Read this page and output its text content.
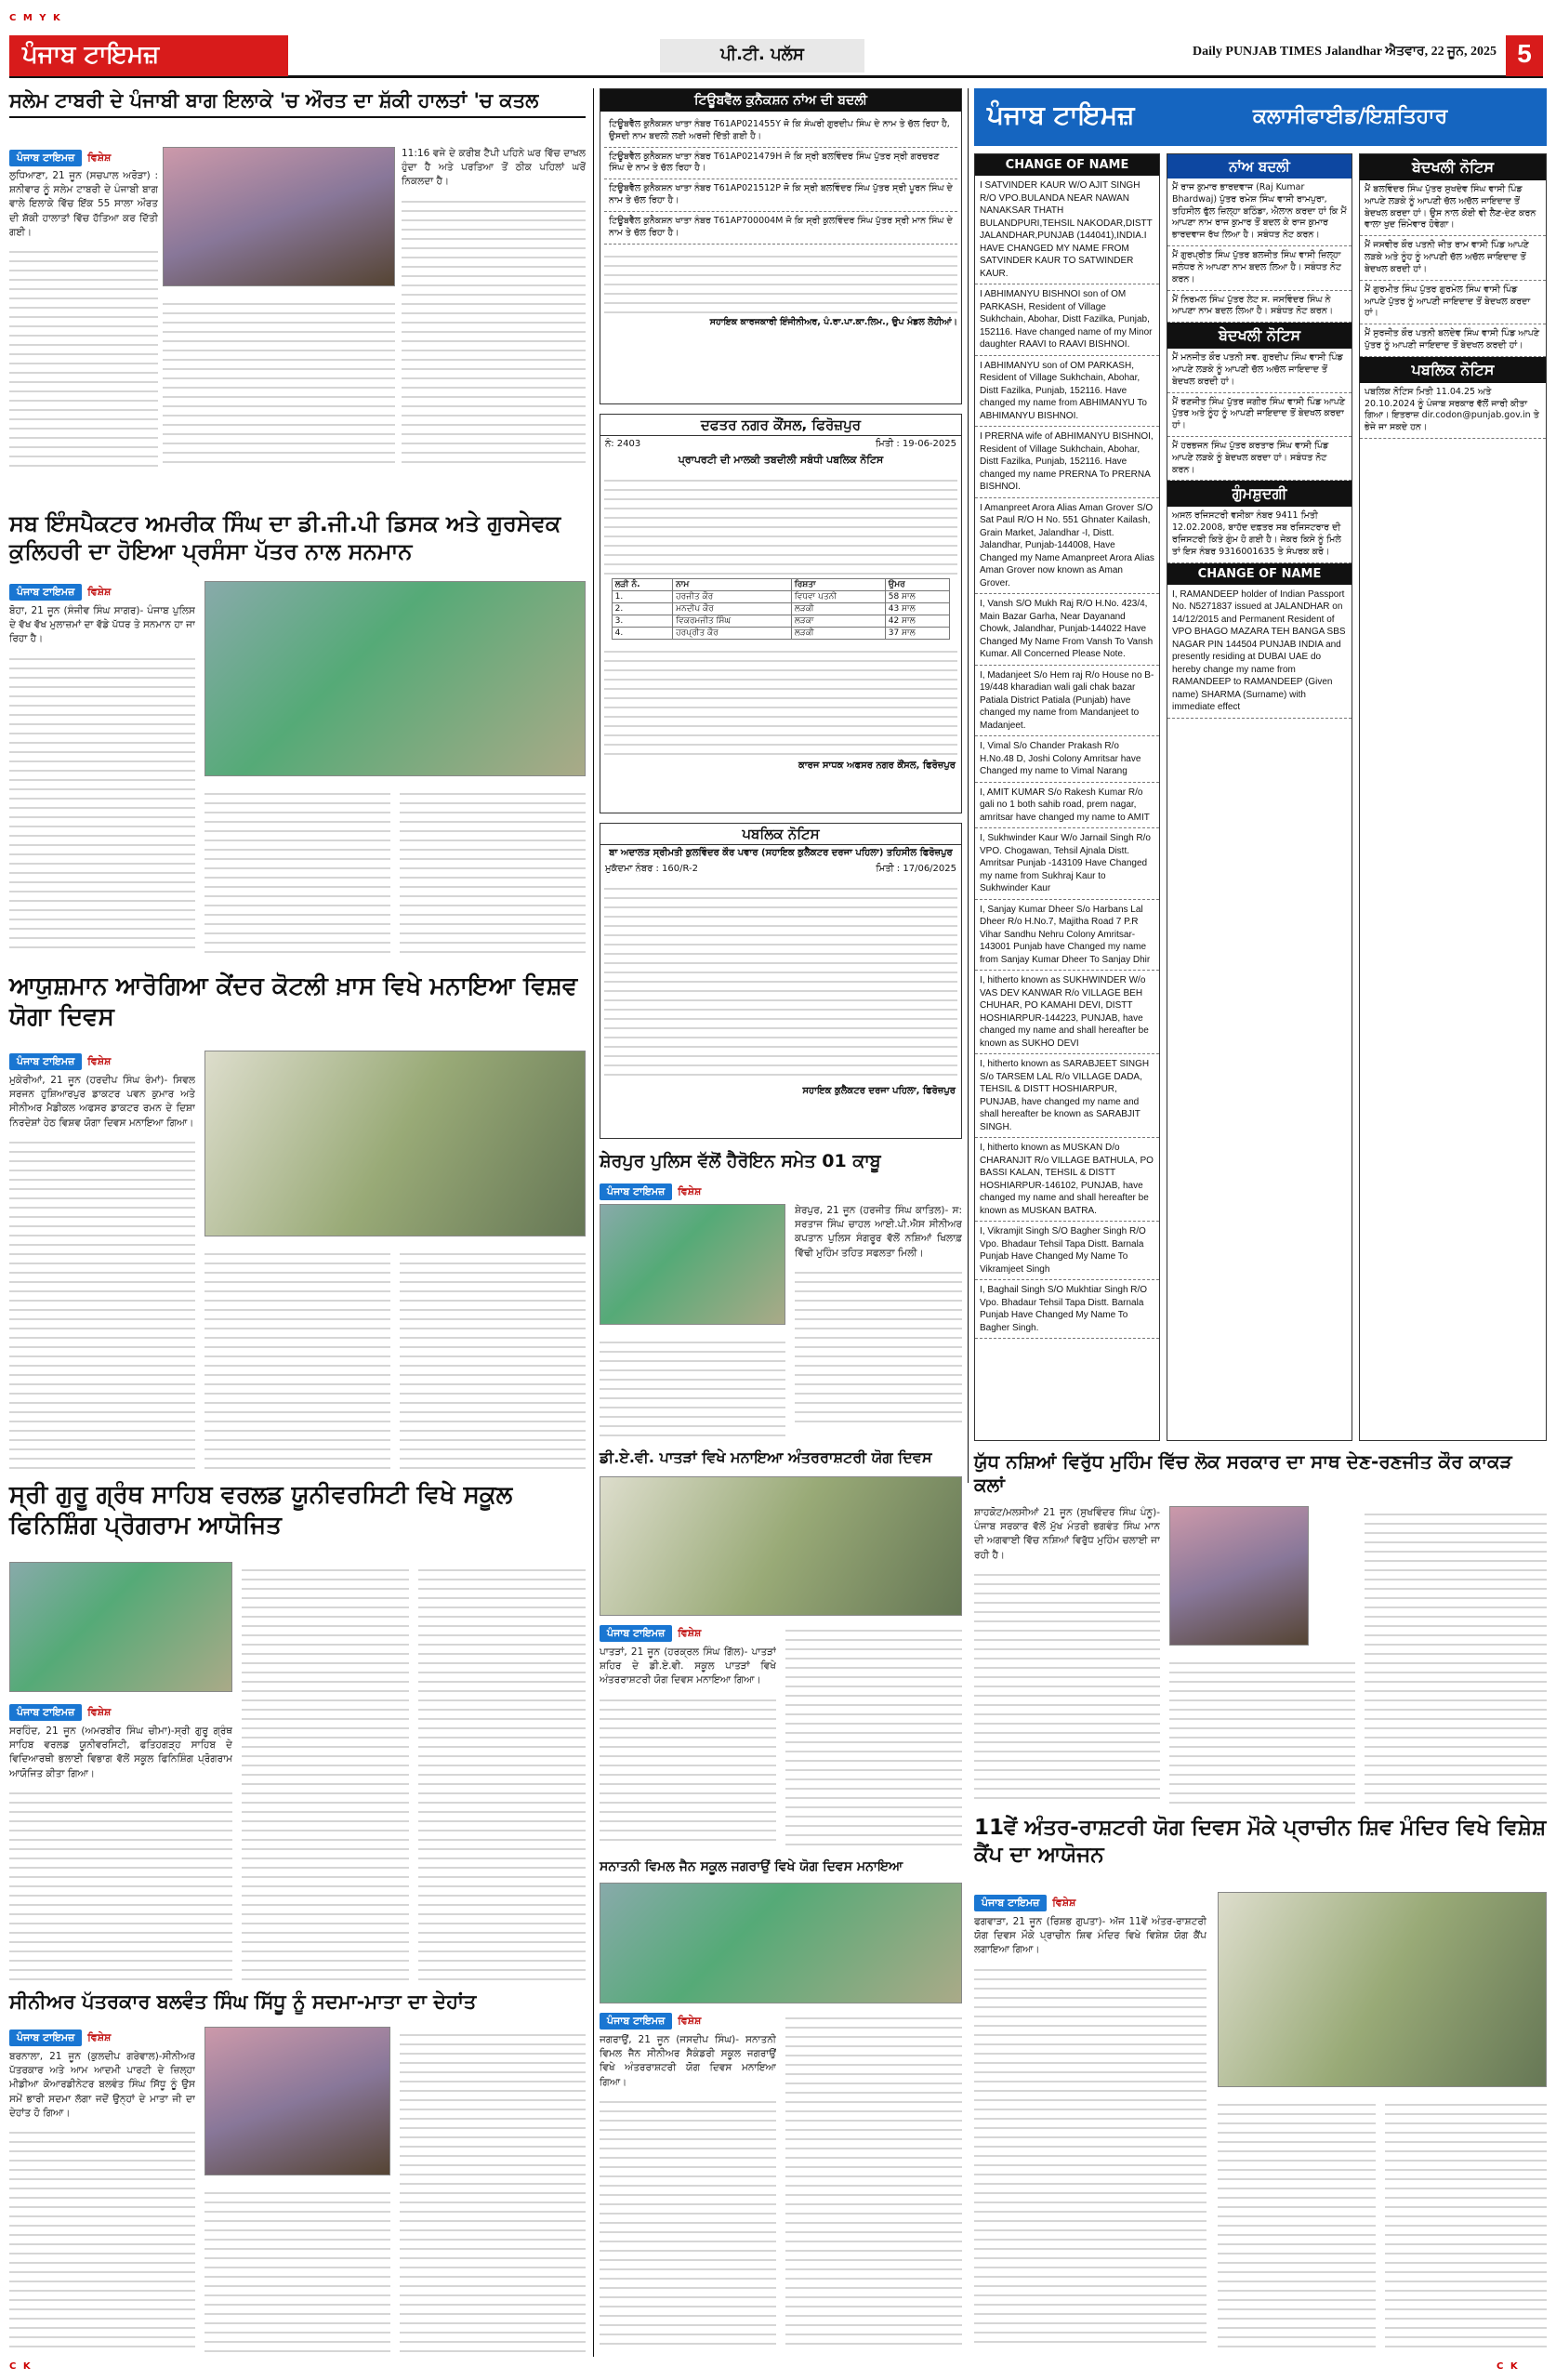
C M Y K
ਪੰਜਾਬ ਟਾਇਮਜ਼	ਪੀ.ਟੀ. ਪਲੱਸ	Daily PUNJAB TIMES Jalandhar ਐਤਵਾਰ, 22 ਜੂਨ, 2025 5
ਸਲੇਮ ਟਾਬਰੀ ਦੇ ਪੰਜਾਬੀ ਬਾਗ ਇਲਾਕੇ 'ਚ ਔਰਤ ਦਾ ਸ਼ੱਕੀ ਹਾਲਤਾਂ 'ਚ ਕਤਲ
ਪੰਜਾਬ ਟਾਇਮਜ਼ ਵਿਸ਼ੇਸ਼

ਲੁਧਿਆਣਾ, 21 ਜੂਨ (ਸਚਪਾਲ ਅਰੋੜਾ) : ਸ਼ਨੀਵਾਰ ਨੂੰ ਸਲੇਮ ਟਾਬਰੀ ਦੇ ਪੰਜਾਬੀ ਬਾਗ ਵਾਲੇ ਇਲਾਕੇ ਵਿੱਚ ਇੱਕ 55 ਸਾਲਾ ਔਰਤ ਦੀ ਸ਼ੱਕੀ ਹਾਲਾਤਾਂ ਵਿੱਚ ਹੱਤਿਆ ਕਰ ਦਿੱਤੀ ਗਈ।

11:16 ਵਜੇ ਦੇ ਕਰੀਬ ਟੈਪੀ ਪਹਿਨੇ ਘਰ ਵਿੱਚ ਦਾਖਲ ਹੁੰਦਾ ਹੈ ਅਤੇ ਪਰਤਿਆ ਤੋਂ ਠੀਕ ਪਹਿਲਾਂ ਘਰੋਂ ਨਿਕਲਦਾ ਹੈ।

ਸਬ ਇੰਸਪੈਕਟਰ ਅਮਰੀਕ ਸਿੰਘ ਦਾ ਡੀ.ਜੀ.ਪੀ ਡਿਸਕ ਅਤੇ ਗੁਰਸੇਵਕ ਕੁਲਿਹਰੀ ਦਾ ਹੋਇਆ ਪ੍ਰਸੰਸਾ ਪੱਤਰ ਨਾਲ ਸਨਮਾਨ
ਪੰਜਾਬ ਟਾਇਮਜ਼ ਵਿਸ਼ੇਸ਼

ਬੋਹਾ, 21 ਜੂਨ (ਸੰਜੀਵ ਸਿੰਘ ਸਾਗਰ)- ਪੰਜਾਬ ਪੁਲਿਸ ਦੇ ਵੱਖ ਵੱਖ ਮੁਲਾਜ਼ਮਾਂ ਦਾ ਵੱਡੇ ਪੱਧਰ ਤੇ ਸਨਮਾਨ ਹਾ ਜਾ ਰਿਹਾ ਹੈ।

ਆਯੁਸ਼ਮਾਨ ਆਰੋਗਿਆ ਕੇਂਦਰ ਕੋਟਲੀ ਖ਼ਾਸ ਵਿਖੇ ਮਨਾਇਆ ਵਿਸ਼ਵ ਯੋਗਾ ਦਿਵਸ
ਪੰਜਾਬ ਟਾਇਮਜ਼ ਵਿਸ਼ੇਸ਼

ਮੁਕੇਰੀਆਂ, 21 ਜੂਨ (ਹਰਦੀਪ ਸਿੰਘ ਰੰਮਾਂ)- ਸਿਵਲ ਸਰਜਨ ਹੁਸ਼ਿਆਰਪੁਰ ਡਾਕਟਰ ਪਵਨ ਕੁਮਾਰ ਅਤੇ ਸੀਨੀਅਰ ਮੈਡੀਕਲ ਅਫਸਰ ਡਾਕਟਰ ਰਮਨ ਦੇ ਦਿਸ਼ਾ ਨਿਰਦੇਸ਼ਾਂ ਹੇਠ ਵਿਸ਼ਵ ਯੋਗਾ ਦਿਵਸ ਮਨਾਇਆ ਗਿਆ।

ਸ੍ਰੀ ਗੁਰੂ ਗ੍ਰੰਥ ਸਾਹਿਬ ਵਰਲਡ ਯੂਨੀਵਰਸਿਟੀ ਵਿਖੇ ਸਕੂਲ ਫਿਨਿਸ਼ਿੰਗ ਪ੍ਰੋਗਰਾਮ ਆਯੋਜਿਤ
ਪੰਜਾਬ ਟਾਇਮਜ਼ ਵਿਸ਼ੇਸ਼

ਸਰਹਿੰਦ, 21 ਜੂਨ (ਅਮਰਬੀਰ ਸਿੰਘ ਚੀਮਾ)-ਸ੍ਰੀ ਗੁਰੂ ਗ੍ਰੰਥ ਸਾਹਿਬ ਵਰਲਡ ਯੂਨੀਵਰਸਿਟੀ, ਫਤਿਹਗੜ੍ਹ ਸਾਹਿਬ ਦੇ ਵਿਦਿਆਰਥੀ ਭਲਾਈ ਵਿਭਾਗ ਵੱਲੋਂ ਸਕੂਲ ਫਿਨਿਸ਼ਿੰਗ ਪ੍ਰੋਗਰਾਮ ਆਯੋਜਿਤ ਕੀਤਾ ਗਿਆ।

ਸੀਨੀਅਰ ਪੱਤਰਕਾਰ ਬਲਵੰਤ ਸਿੰਘ ਸਿੱਧੂ ਨੂੰ ਸਦਮਾ-ਮਾਤਾ ਦਾ ਦੇਹਾਂਤ
ਪੰਜਾਬ ਟਾਇਮਜ਼ ਵਿਸ਼ੇਸ਼

ਬਰਨਾਲਾ, 21 ਜੂਨ (ਕੁਲਦੀਪ ਗਰੇਵਾਲ)-ਸੀਨੀਅਰ ਪੱਤਰਕਾਰ ਅਤੇ ਆਮ ਆਦਮੀ ਪਾਰਟੀ ਦੇ ਜ਼ਿਲ੍ਹਾ ਮੀਡੀਆ ਕੋਆਰਡੀਨੇਟਰ ਬਲਵੰਤ ਸਿੰਘ ਸਿੱਧੂ ਨੂੰ ਉਸ ਸਮੇਂ ਭਾਰੀ ਸਦਮਾ ਲੱਗਾ ਜਦੋਂ ਉਨ੍ਹਾਂ ਦੇ ਮਾਤਾ ਜੀ ਦਾ ਦੇਹਾਂਤ ਹੋ ਗਿਆ।

ਟਿਊਬਵੈੱਲ ਕੁਨੈਕਸ਼ਨ ਨਾਂਅ ਦੀ ਬਦਲੀ

ਟਿਊਬਵੈੱਲ ਕੁਨੈਕਸ਼ਨ ਖਾਤਾ ਨੰਬਰ T61AP021455Y ਜੋ ਕਿ ਸੰਘਰੀ ਗੁਰਦੀਪ ਸਿੰਘ ਦੇ ਨਾਮ ਤੇ ਚੱਲ ਰਿਹਾ ਹੈ, ਉਸਦੀ ਨਾਮ ਬਦਲੀ ਲਈ ਅਰਜ਼ੀ ਦਿੱਤੀ ਗਈ ਹੈ।

ਟਿਊਬਵੈੱਲ ਕੁਨੈਕਸ਼ਨ ਖਾਤਾ ਨੰਬਰ T61AP021479H ਜੋ ਕਿ ਸ੍ਰੀ ਬਲਵਿੰਦਰ ਸਿੰਘ ਪੁੱਤਰ ਸ੍ਰੀ ਗਰਚਰਣ ਸਿੰਘ ਦੇ ਨਾਮ ਤੇ ਚੱਲ ਰਿਹਾ ਹੈ।

ਟਿਊਬਵੈੱਲ ਕੁਨੈਕਸ਼ਨ ਖਾਤਾ ਨੰਬਰ T61AP021512P ਜੋ ਕਿ ਸ੍ਰੀ ਬਲਵਿੰਦਰ ਸਿੰਘ ਪੁੱਤਰ ਸ੍ਰੀ ਪੂਰਨ ਸਿੰਘ ਦੇ ਨਾਮ ਤੇ ਚੱਲ ਰਿਹਾ ਹੈ।

ਟਿਊਬਵੈੱਲ ਕੁਨੈਕਸ਼ਨ ਖਾਤਾ ਨੰਬਰ T61AP700004M ਜੋ ਕਿ ਸ੍ਰੀ ਕੁਲਵਿੰਦਰ ਸਿੰਘ ਪੁੱਤਰ ਸ੍ਰੀ ਮਾਨ ਸਿੰਘ ਦੇ ਨਾਮ ਤੇ ਚੱਲ ਰਿਹਾ ਹੈ।

ਸਹਾਇਕ ਕਾਰਜਕਾਰੀ ਇੰਜੀਨੀਅਰ, ਪੰ.ਰਾ.ਪਾ.ਕਾ.ਲਿਮ., ਉਪ ਮੰਡਲ ਲੋਹੀਆਂ।

ਦਫਤਰ ਨਗਰ ਕੌਂਸਲ, ਫਿਰੋਜ਼ਪੁਰ
ਨੰ: 2403	ਮਿਤੀ : 19-06-2025
ਪ੍ਰਾਪਰਟੀ ਦੀ ਮਾਲਕੀ ਤਬਦੀਲੀ ਸਬੰਧੀ ਪਬਲਿਕ ਨੋਟਿਸ
ਲੜੀ ਨੰ.	ਨਾਮ	ਰਿਸ਼ਤਾ	ਉਮਰ
1.	ਹਰਜੀਤ ਕੌਰ	ਵਿਧਵਾ ਪਤਨੀ	58 ਸਾਲ
2.	ਮਨਦੀਪ ਕੌਰ	ਲੜਕੀ	43 ਸਾਲ
3.	ਵਿਕਰਮਜੀਤ ਸਿੰਘ	ਲੜਕਾ	42 ਸਾਲ
4.	ਹਰਪ੍ਰੀਤ ਕੌਰ	ਲੜਕੀ	37 ਸਾਲ

ਕਾਰਜ ਸਾਧਕ ਅਫਸਰ ਨਗਰ ਕੌਂਸਲ, ਫਿਰੋਜ਼ਪੁਰ

ਪਬਲਿਕ ਨੋਟਿਸ
ਬਾ ਅਦਾਲਤ ਸ੍ਰੀਮਤੀ ਕੁਲਵਿੰਦਰ ਕੌਰ ਪਵਾਰ (ਸਹਾਇਕ ਕੁਲੈਕਟਰ ਦਰਜਾ ਪਹਿਲਾ) ਤਹਿਸੀਲ ਫਿਰੋਜ਼ਪੁਰ
ਮੁਕੱਦਮਾ ਨੰਬਰ : 160/R-2	ਮਿਤੀ : 17/06/2025

ਸਹਾਇਕ ਕੁਲੈਕਟਰ ਦਰਜਾ ਪਹਿਲਾ, ਫਿਰੋਜ਼ਪੁਰ

ਸ਼ੇਰਪੁਰ ਪੁਲਿਸ ਵੱਲੋਂ ਹੈਰੋਇਨ ਸਮੇਤ 01 ਕਾਬੂ
ਪੰਜਾਬ ਟਾਇਮਜ਼ ਵਿਸ਼ੇਸ਼

ਸ਼ੇਰਪੁਰ, 21 ਜੂਨ (ਹਰਜੀਤ ਸਿੰਘ ਕਾਤਿਲ)- ਸ: ਸਰਤਾਜ ਸਿੰਘ ਚਾਹਲ ਆਈ.ਪੀ.ਐਸ ਸੀਨੀਅਰ ਕਪਤਾਨ ਪੁਲਿਸ ਸੰਗਰੂਰ ਵੱਲੋਂ ਨਸ਼ਿਆਂ ਖਿਲਾਫ਼ ਵਿੱਢੀ ਮੁਹਿੰਮ ਤਹਿਤ ਸਫਲਤਾ ਮਿਲੀ।

ਡੀ.ਏ.ਵੀ. ਪਾਤੜਾਂ ਵਿਖੇ ਮਨਾਇਆ ਅੰਤਰਰਾਸ਼ਟਰੀ ਯੋਗ ਦਿਵਸ
ਪੰਜਾਬ ਟਾਇਮਜ਼ ਵਿਸ਼ੇਸ਼

ਪਾਤੜਾਂ, 21 ਜੂਨ (ਹਰਕ੍ਰਲ ਸਿੰਘ ਗਿੱਲ)- ਪਾਤੜਾਂ ਸ਼ਹਿਰ ਦੇ ਡੀ.ਏ.ਵੀ. ਸਕੂਲ ਪਾਤੜਾਂ ਵਿਖੇ ਅੰਤਰਰਾਸ਼ਟਰੀ ਯੋਗ ਦਿਵਸ ਮਨਾਇਆ ਗਿਆ।

ਸਨਾਤਨੀ ਵਿਮਲ ਜੈਨ ਸਕੂਲ ਜਗਰਾਉਂ ਵਿਖੇ ਯੋਗ ਦਿਵਸ ਮਨਾਇਆ
ਪੰਜਾਬ ਟਾਇਮਜ਼ ਵਿਸ਼ੇਸ਼

ਜਗਰਾਉਂ, 21 ਜੂਨ (ਜਸਦੀਪ ਸਿੰਘ)- ਸਨਾਤਨੀ ਵਿਮਲ ਜੈਨ ਸੀਨੀਅਰ ਸੈਕੰਡਰੀ ਸਕੂਲ ਜਗਰਾਉਂ ਵਿਖੇ ਅੰਤਰਰਾਸ਼ਟਰੀ ਯੋਗ ਦਿਵਸ ਮਨਾਇਆ ਗਿਆ।

ਪੰਜਾਬ ਟਾਇਮਜ਼	ਕਲਾਸੀਫਾਈਡ/ਇਸ਼ਤਿਹਾਰ
CHANGE OF NAME

I SATVINDER KAUR W/O AJIT SINGH R/O VPO.BULANDA NEAR NAWAN NANAKSAR THATH BULANDPURI,TEHSIL NAKODAR,DISTT JALANDHAR,PUNJAB (144041),INDIA.I HAVE CHANGED MY NAME FROM SATVINDER KAUR TO SATWINDER KAUR.

I ABHIMANYU BISHNOI son of OM PARKASH, Resident of Village Sukhchain, Abohar, Distt Fazilka, Punjab, 152116. Have changed name of my Minor daughter RAAVI to RAAVI BISHNOI.

I ABHIMANYU son of OM PARKASH, Resident of Village Sukhchain, Abohar, Distt Fazilka, Punjab, 152116. Have changed my name from ABHIMANYU To ABHIMANYU BISHNOI.

I PRERNA wife of ABHIMANYU BISHNOI, Resident of Village Sukhchain, Abohar, Distt Fazilka, Punjab, 152116. Have changed my name PRERNA To PRERNA BISHNOI.

I Amanpreet Arora Alias Aman Grover S/O Sat Paul R/O H No. 551 Ghnater Kailash, Grain Market, Jalandhar -I, Distt. Jalandhar, Punjab-144008, Have Changed my Name Amanpreet Arora Alias Aman Grover now known as Aman Grover.

I, Vansh S/O Mukh Raj R/O H.No. 423/4, Main Bazar Garha, Near Dayanand Chowk, Jalandhar, Punjab-144022 Have Changed My Name From Vansh To Vansh Kumar. All Concerned Please Note.

I, Madanjeet S/o Hem raj R/o House no B-19/448 kharadian wali gali chak bazar Patiala District Patiala (Punjab) have changed my name from Mandanjeet to Madanjeet.

I, Vimal S/o Chander Prakash R/o H.No.48 D, Joshi Colony Amritsar have Changed my name to Vimal Narang

I, AMIT KUMAR S/o Rakesh Kumar R/o gali no 1 both sahib road, prem nagar, amritsar have changed my name to AMIT

I, Sukhwinder Kaur W/o Jarnail Singh R/o VPO. Chogawan, Tehsil Ajnala Distt. Amritsar Punjab -143109 Have Changed my name from Sukhraj Kaur to Sukhwinder Kaur

I, Sanjay Kumar Dheer S/o Harbans Lal Dheer R/o H.No.7, Majitha Road 7 P.R Vihar Sandhu Nehru Colony Amritsar-143001 Punjab have Changed my name from Sanjay Kumar Dheer To Sanjay Dhir

I, hitherto known as SUKHWINDER W/o VAS DEV KANWAR R/o VILLAGE BEH CHUHAR, PO KAMAHI DEVI, DISTT HOSHIARPUR-144223, PUNJAB, have changed my name and shall hereafter be known as SUKHO DEVI

I, hitherto known as SARABJEET SINGH S/o TARSEM LAL R/o VILLAGE DADA, TEHSIL & DISTT HOSHIARPUR, PUNJAB, have changed my name and shall hereafter be known as SARABJIT SINGH.

I, hitherto known as MUSKAN D/o CHARANJIT R/o VILLAGE BATHULA, PO BASSI KALAN, TEHSIL & DISTT HOSHIARPUR-146102, PUNJAB, have changed my name and shall hereafter be known as MUSKAN BATRA.

I, Vikramjit Singh S/O Bagher Singh R/O Vpo. Bhadaur Tehsil Tapa Distt. Barnala Punjab Have Changed My Name To Vikramjeet Singh

I, Baghail Singh S/O Mukhtiar Singh R/O Vpo. Bhadaur Tehsil Tapa Distt. Barnala Punjab Have Changed My Name To Bagher Singh.

ਨਾਂਅ ਬਦਲੀ

ਮੈਂ ਰਾਜ ਕੁਮਾਰ ਭਾਰਦਵਾਜ (Raj Kumar Bhardwaj) ਪੁੱਤਰ ਰਮੇਸ਼ ਸਿੰਘ ਵਾਸੀ ਰਾਮਪੁਰਾ, ਤਹਿਸੀਲ ਫੁੱਲ ਜ਼ਿਲ੍ਹਾ ਬਠਿੰਡਾ, ਐਲਾਨ ਕਰਦਾ ਹਾਂ ਕਿ ਮੈਂ ਆਪਣਾ ਨਾਮ ਰਾਜ ਕੁਮਾਰ ਤੋਂ ਬਦਲ ਕੇ ਰਾਜ ਕੁਮਾਰ ਭਾਰਦਵਾਜ ਰੱਖ ਲਿਆ ਹੈ। ਸਬੰਧਤ ਨੋਟ ਕਰਨ।

ਮੈਂ ਗੁਰਪ੍ਰੀਤ ਸਿੰਘ ਪੁੱਤਰ ਬਲਜੀਤ ਸਿੰਘ ਵਾਸੀ ਜ਼ਿਲ੍ਹਾ ਜਲੰਧਰ ਨੇ ਆਪਣਾ ਨਾਮ ਬਦਲ ਲਿਆ ਹੈ। ਸਬੰਧਤ ਨੋਟ ਕਰਨ।

ਮੈਂ ਨਿਰਮਲ ਸਿੰਘ ਪੁੱਤਰ ਲੇਟ ਸ. ਜਸਵਿੰਦਰ ਸਿੰਘ ਨੇ ਆਪਣਾ ਨਾਮ ਬਦਲ ਲਿਆ ਹੈ। ਸਬੰਧਤ ਨੋਟ ਕਰਨ।

ਬੇਦਖਲੀ ਨੋਟਿਸ

ਮੈਂ ਮਨਜੀਤ ਕੌਰ ਪਤਨੀ ਸਵ. ਗੁਰਦੀਪ ਸਿੰਘ ਵਾਸੀ ਪਿੰਡ ਆਪਣੇ ਲੜਕੇ ਨੂੰ ਆਪਣੀ ਚੱਲ ਅਚੱਲ ਜਾਇਦਾਦ ਤੋਂ ਬੇਦਖਲ ਕਰਦੀ ਹਾਂ।

ਮੈਂ ਰਣਜੀਤ ਸਿੰਘ ਪੁੱਤਰ ਜਗੀਰ ਸਿੰਘ ਵਾਸੀ ਪਿੰਡ ਆਪਣੇ ਪੁੱਤਰ ਅਤੇ ਨੂੰਹ ਨੂੰ ਆਪਣੀ ਜਾਇਦਾਦ ਤੋਂ ਬੇਦਖਲ ਕਰਦਾ ਹਾਂ।

ਮੈਂ ਹਰਭਜਨ ਸਿੰਘ ਪੁੱਤਰ ਕਰਤਾਰ ਸਿੰਘ ਵਾਸੀ ਪਿੰਡ ਆਪਣੇ ਲੜਕੇ ਨੂੰ ਬੇਦਖਲ ਕਰਦਾ ਹਾਂ। ਸਬੰਧਤ ਨੋਟ ਕਰਨ।

ਗੁੰਮਸ਼ੁਦਗੀ

ਅਸਲ ਰਜਿਸਟਰੀ ਵਸੀਕਾ ਨੰਬਰ 9411 ਮਿਤੀ 12.02.2008, ਬਾਹੱਦ ਦਫ਼ਤਰ ਸਬ ਰਜਿਸਟਰਾਰ ਦੀ ਰਜਿਸਟਰੀ ਕਿਤੇ ਗੁੰਮ ਹੋ ਗਈ ਹੈ। ਜੇਕਰ ਕਿਸੇ ਨੂੰ ਮਿਲੇ ਤਾਂ ਇਸ ਨੰਬਰ 9316001635 ਤੇ ਸੰਪਰਕ ਕਰੋ।

CHANGE OF NAME

I, RAMANDEEP holder of Indian Passport No. N5271837 issued at JALANDHAR on 14/12/2015 and Permanent Resident of VPO BHAGO MAZARA TEH BANGA SBS NAGAR PIN 144504 PUNJAB INDIA and presently residing at DUBAI UAE do hereby change my name from RAMANDEEP to RAMANDEEP (Given name) SHARMA (Surname) with immediate effect

ਬੇਦਖਲੀ ਨੋਟਿਸ

ਮੈਂ ਬਲਵਿੰਦਰ ਸਿੰਘ ਪੁੱਤਰ ਸੁਖਦੇਵ ਸਿੰਘ ਵਾਸੀ ਪਿੰਡ ਆਪਣੇ ਲੜਕੇ ਨੂੰ ਆਪਣੀ ਚੱਲ ਅਚੱਲ ਜਾਇਦਾਦ ਤੋਂ ਬੇਦਖਲ ਕਰਦਾ ਹਾਂ। ਉਸ ਨਾਲ ਕੋਈ ਵੀ ਲੈਣ-ਦੇਣ ਕਰਨ ਵਾਲਾ ਖੁਦ ਜ਼ਿੰਮੇਵਾਰ ਹੋਵੇਗਾ।

ਮੈਂ ਜਸਵੀਰ ਕੌਰ ਪਤਨੀ ਜੀਤ ਰਾਮ ਵਾਸੀ ਪਿੰਡ ਆਪਣੇ ਲੜਕੇ ਅਤੇ ਨੂੰਹ ਨੂੰ ਆਪਣੀ ਚੱਲ ਅਚੱਲ ਜਾਇਦਾਦ ਤੋਂ ਬੇਦਖਲ ਕਰਦੀ ਹਾਂ।

ਮੈਂ ਗੁਰਮੀਤ ਸਿੰਘ ਪੁੱਤਰ ਗੁਰਮੇਲ ਸਿੰਘ ਵਾਸੀ ਪਿੰਡ ਆਪਣੇ ਪੁੱਤਰ ਨੂੰ ਆਪਣੀ ਜਾਇਦਾਦ ਤੋਂ ਬੇਦਖਲ ਕਰਦਾ ਹਾਂ।

ਮੈਂ ਸੁਰਜੀਤ ਕੌਰ ਪਤਨੀ ਬਲਦੇਵ ਸਿੰਘ ਵਾਸੀ ਪਿੰਡ ਆਪਣੇ ਪੁੱਤਰ ਨੂੰ ਆਪਣੀ ਜਾਇਦਾਦ ਤੋਂ ਬੇਦਖਲ ਕਰਦੀ ਹਾਂ।

ਪਬਲਿਕ ਨੋਟਿਸ

ਪਬਲਿਕ ਨੋਟਿਸ ਮਿਤੀ 11.04.25 ਅਤੇ 20.10.2024 ਨੂੰ ਪੰਜਾਬ ਸਰਕਾਰ ਵੱਲੋਂ ਜਾਰੀ ਕੀਤਾ ਗਿਆ। ਇਤਰਾਜ਼ dir.codon@punjab.gov.in ਤੇ ਭੇਜੇ ਜਾ ਸਕਦੇ ਹਨ।

ਯੁੱਧ ਨਸ਼ਿਆਂ ਵਿਰੁੱਧ ਮੁਹਿੰਮ ਵਿੱਚ ਲੋਕ ਸਰਕਾਰ ਦਾ ਸਾਥ ਦੇਣ-ਰਣਜੀਤ ਕੌਰ ਕਾਕੜ ਕਲਾਂ

ਸ਼ਾਹਕੋਟ/ਮਲਸੀਆਂ 21 ਜੂਨ (ਸੁਖਵਿੰਦਰ ਸਿੰਘ ਪੰਨੂ)-ਪੰਜਾਬ ਸਰਕਾਰ ਵੱਲੋਂ ਮੁੱਖ ਮੰਤਰੀ ਭਗਵੰਤ ਸਿੰਘ ਮਾਨ ਦੀ ਅਗਵਾਈ ਵਿੱਚ ਨਸ਼ਿਆਂ ਵਿਰੁੱਧ ਮੁਹਿੰਮ ਚਲਾਈ ਜਾ ਰਹੀ ਹੈ।

11ਵੇਂ ਅੰਤਰ-ਰਾਸ਼ਟਰੀ ਯੋਗ ਦਿਵਸ ਮੌਕੇ ਪ੍ਰਾਚੀਨ ਸ਼ਿਵ ਮੰਦਿਰ ਵਿਖੇ ਵਿਸ਼ੇਸ਼ ਕੈਂਪ ਦਾ ਆਯੋਜਨ
ਪੰਜਾਬ ਟਾਇਮਜ਼ ਵਿਸ਼ੇਸ਼

ਫਗਵਾੜਾ, 21 ਜੂਨ (ਰਿਸ਼ਭ ਗੁਪਤਾ)- ਅੱਜ 11ਵੇਂ ਅੰਤਰ-ਰਾਸ਼ਟਰੀ ਯੋਗ ਦਿਵਸ ਮੌਕੇ ਪ੍ਰਾਚੀਨ ਸ਼ਿਵ ਮੰਦਿਰ ਵਿਖੇ ਵਿਸ਼ੇਸ਼ ਯੋਗ ਕੈਂਪ ਲਗਾਇਆ ਗਿਆ।

C K	C K
